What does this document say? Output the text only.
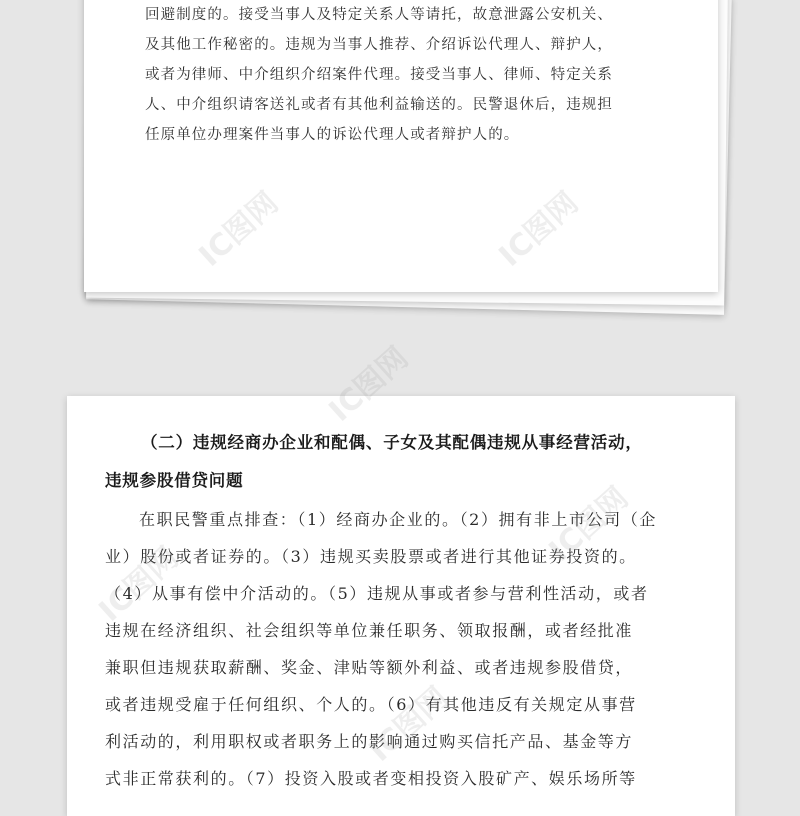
回避制度的。接受当事人及特定关系人等请托，故意泄露公安机关、
及其他工作秘密的。违规为当事人推荐、介绍诉讼代理人、辩护人，
或者为律师、中介组织介绍案件代理。接受当事人、律师、特定关系
人、中介组织请客送礼或者有其他利益输送的。民警退休后，违规担
任原单位办理案件当事人的诉讼代理人或者辩护人的。
（二）违规经商办企业和配偶、子女及其配偶违规从事经营活动，
违规参股借贷问题
在职民警重点排查：（1）经商办企业的。（2）拥有非上市公司（企
业）股份或者证券的。（3）违规买卖股票或者进行其他证券投资的。
（4）从事有偿中介活动的。（5）违规从事或者参与营利性活动，或者
违规在经济组织、社会组织等单位兼任职务、领取报酬，或者经批准
兼职但违规获取薪酬、奖金、津贴等额外利益、或者违规参股借贷，
或者违规受雇于任何组织、个人的。（6）有其他违反有关规定从事营
利活动的，利用职权或者职务上的影响通过购买信托产品、基金等方
式非正常获利的。（7）投资入股或者变相投资入股矿产、娱乐场所等
IC图网
